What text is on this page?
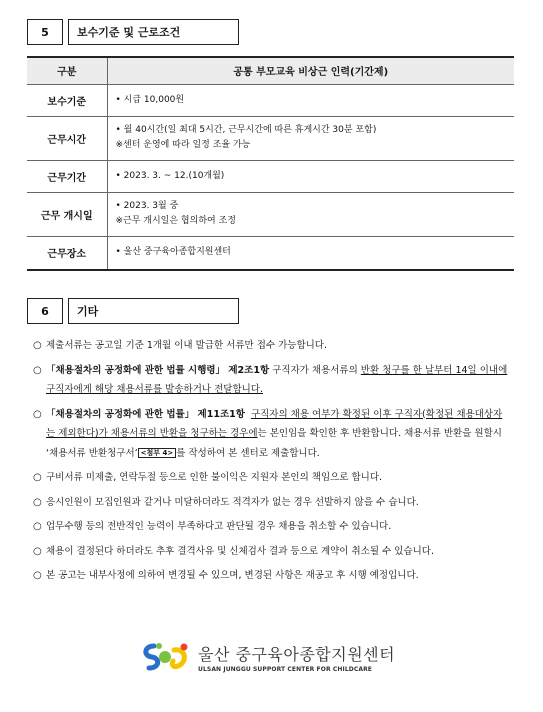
5	보수기준 및 근로조건
구분	공통 부모교육 비상근 인력(기간제)
보수기준	• 시급 10,000원

근무시간	• 월 40시간(일 최대 5시간, 근무시간에 따른 휴게시간 30분 포함)
※센터 운영에 따라 일정 조율 가능

근무기간	• 2023. 3. ~ 12.(10개월)

근무 개시일	• 2023. 3월 중
※근무 개시일은 협의하여 조정

근무장소	• 울산 중구육아종합지원센터
6	기타
○ 제출서류는 공고일 기준 1개월 이내 발급한 서류만 접수 가능합니다.
○ 「채용절차의 공정화에 관한 법률 시행령」 제2조1항 구직자가 채용서류의 반환 청구를 한 날부터 14일 이내에 구직자에게 해당 채용서류를 발송하거나 전달합니다.
○ 「채용절차의 공정화에 관한 법률」 제11조1항 구직자의 채용 여부가 확정된 이후 구직자(확정된 채용대상자는 제외한다)가 채용서류의 반환을 청구하는 경우에는 본인임을 확인한 후 반환합니다. 채용서류 반환을 원할시 ‘채용서류 반환청구서’ <첨부 4> 를 작성하여 본 센터로 제출합니다.
○ 구비서류 미제출, 연락두절 등으로 인한 불이익은 지원자 본인의 책임으로 합니다.
○ 응시인원이 모집인원과 같거나 미달하더라도 적격자가 없는 경우 선발하지 않을 수 습니다.
○ 업무수행 등의 전반적인 능력이 부족하다고 판단될 경우 채용을 취소할 수 있습니다.
○ 채용이 결정된다 하더라도 추후 결격사유 및 신체검사 결과 등으로 계약이 취소될 수 있습니다.
○ 본 공고는 내부사정에 의하여 변경될 수 있으며, 변경된 사항은 재공고 후 시행 예정입니다.
울산 중구육아종합지원센터
ULSAN JUNGGU SUPPORT CENTER FOR CHILDCARE
